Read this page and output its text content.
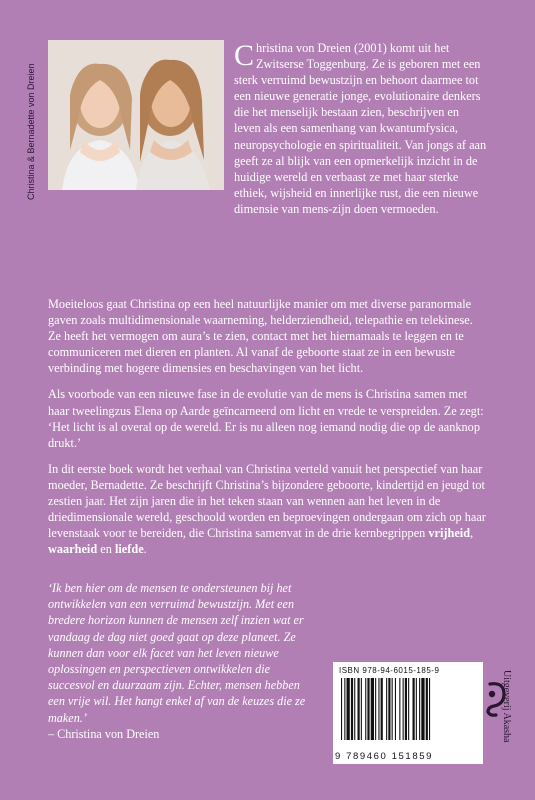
Christina & Bernadette von Dreien
Christina von Dreien (2001) komt uit het Zwitserse Toggenburg. Ze is geboren met een sterk verruimd bewustzijn en behoort daarmee tot een nieuwe generatie jonge, evolutionaire denkers die het menselijk bestaan zien, beschrijven en leven als een samenhang van kwantumfysica, neuropsychologie en spiritualiteit. Van jongs af aan geeft ze al blijk van een opmerkelijk inzicht in de huidige wereld en verbaast ze met haar sterke ethiek, wijsheid en innerlijke rust, die een nieuwe dimensie van mens-zijn doen vermoeden.

Moeiteloos gaat Christina op een heel natuurlijke manier om met diverse paranormale gaven zoals multidimensionale waarneming, helderziendheid, telepathie en telekinese. Ze heeft het vermogen om aura’s te zien, contact met het hiernamaals te leggen en te communiceren met dieren en planten. Al vanaf de geboorte staat ze in een bewuste verbinding met hogere dimensies en beschavingen van het licht.

Als voorbode van een nieuwe fase in de evolutie van de mens is Christina samen met haar tweelingzus Elena op Aarde geïncarneerd om licht en vrede te verspreiden. Ze zegt: ‘Het licht is al overal op de wereld. Er is nu alleen nog iemand nodig die op de aanknop drukt.’

In dit eerste boek wordt het verhaal van Christina verteld vanuit het perspectief van haar moeder, Bernadette. Ze beschrijft Christina’s bijzondere geboorte, kindertijd en jeugd tot zestien jaar. Het zijn jaren die in het teken staan van wennen aan het leven in de driedimensionale wereld, geschoold worden en beproevingen ondergaan om zich op haar levenstaak voor te bereiden, die Christina samenvat in de drie kernbegrippen vrijheid, waarheid en liefde.

‘Ik ben hier om de mensen te ondersteunen bij het ontwikkelen van een verruimd bewustzijn. Met een bredere horizon kunnen de mensen zelf inzien wat er vandaag de dag niet goed gaat op deze planeet. Ze kunnen dan voor elk facet van het leven nieuwe oplossingen en perspectieven ontwikkelen die succesvol en duurzaam zijn. Echter, mensen hebben een vrije wil. Het hangt enkel af van de keuzes die ze maken.’
– Christina von Dreien
ISBN 978-94-6015-185-9
9 789460 151859
Uitgeverij Akasha
